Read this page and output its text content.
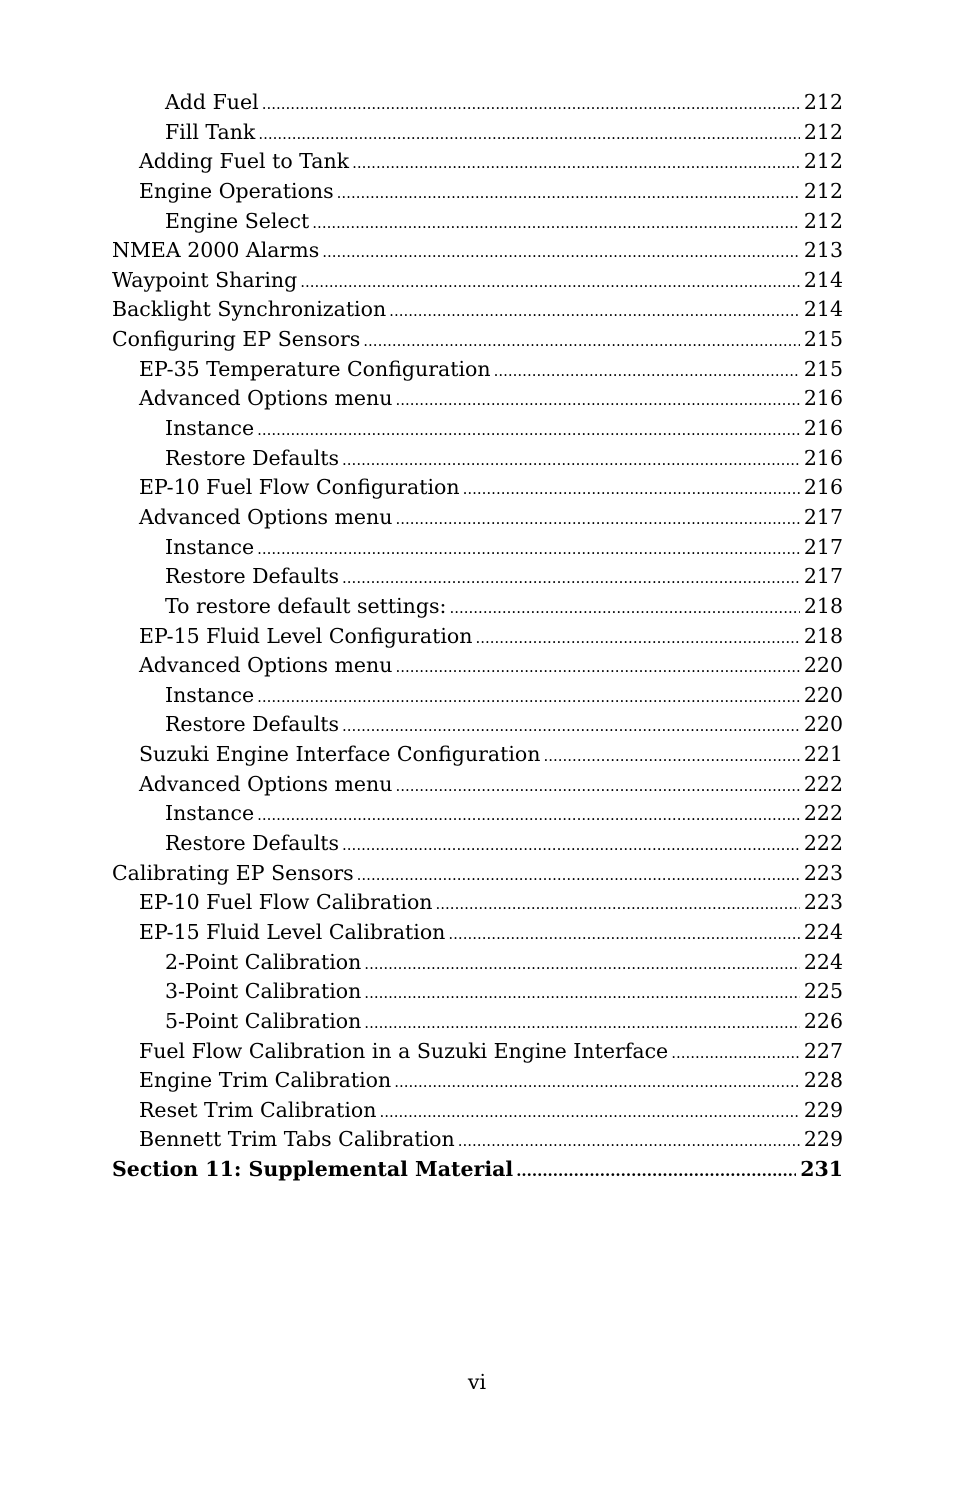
Add Fuel .....	212
Fill Tank .....	212
Adding Fuel to Tank .....	212
Engine Operations .....	212
Engine Select .....	212
NMEA 2000 Alarms .....	213
Waypoint Sharing .....	214
Backlight Synchronization .....	214
Configuring EP Sensors .....	215
EP-35 Temperature Configuration .....	215
Advanced Options menu .....	216
Instance .....	216
Restore Defaults .....	216
EP-10 Fuel Flow Configuration .....	216
Advanced Options menu .....	217
Instance .....	217
Restore Defaults .....	217
To restore default settings: .....	218
EP-15 Fluid Level Configuration .....	218
Advanced Options menu .....	220
Instance .....	220
Restore Defaults .....	220
Suzuki Engine Interface Configuration .....	221
Advanced Options menu .....	222
Instance .....	222
Restore Defaults .....	222
Calibrating EP Sensors .....	223
EP-10 Fuel Flow Calibration .....	223
EP-15 Fluid Level Calibration .....	224
2-Point Calibration .....	224
3-Point Calibration .....	225
5-Point Calibration .....	226
Fuel Flow Calibration in a Suzuki Engine Interface .....	227
Engine Trim Calibration .....	228
Reset Trim Calibration .....	229
Bennett Trim Tabs Calibration .....	229
Section 11: Supplemental Material .....	231
vi
